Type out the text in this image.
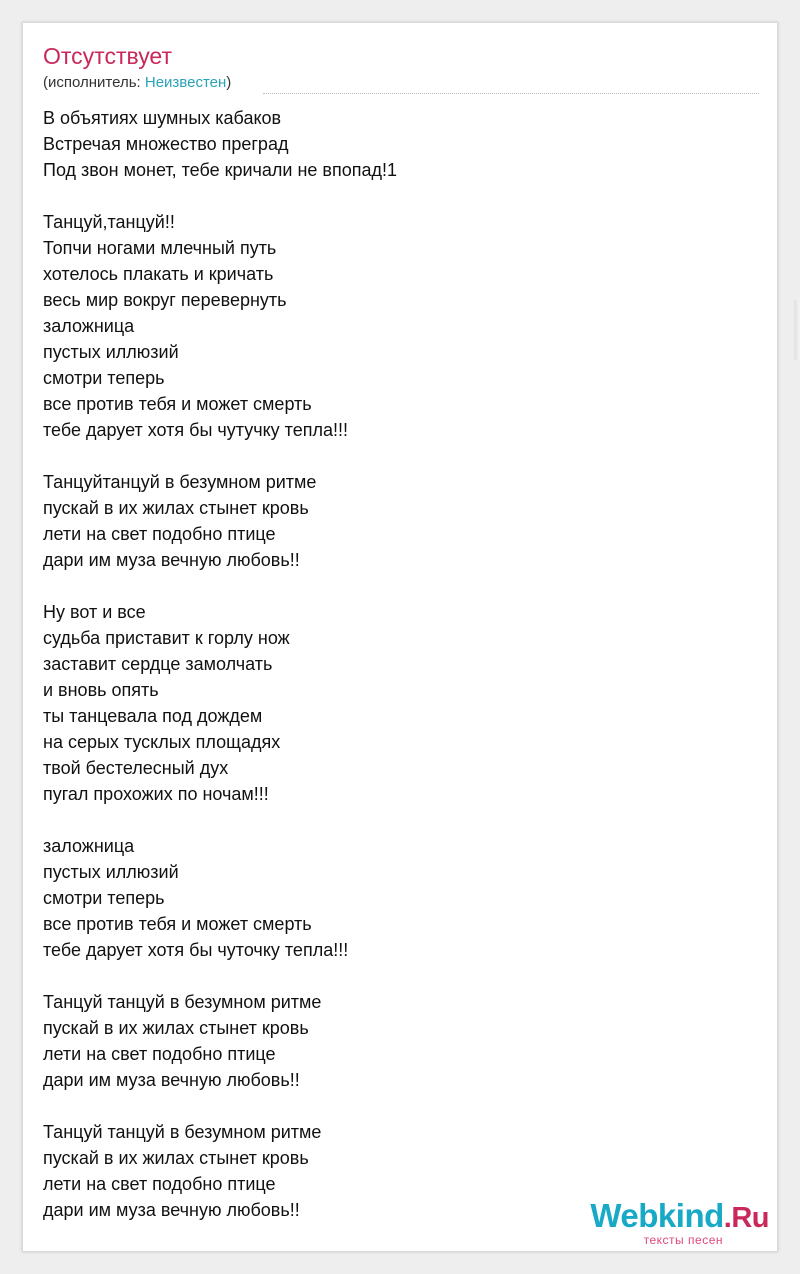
Отсутствует
(исполнитель: Неизвестен)
В объятиях шумных кабаков
Встречая множество преград
Под звон монет, тебе кричали не впопад!1
Танцуй,танцуй!!
Топчи ногами млечный путь
хотелось плакать и кричать
весь мир вокруг перевернуть
заложница
пустых иллюзий
смотри теперь
все против тебя и может смерть
тебе дарует хотя бы чутучку тепла!!!
Танцуйтанцуй в безумном ритме
пускай в их жилах стынет кровь
лети на свет подобно птице
дари им муза вечную любовь!!
Ну вот и все
судьба приставит к горлу нож
заставит сердце замолчать
и вновь опять
ты танцевала под дождем
на серых тусклых площадях
твой бестелесный дух
пугал прохожих по ночам!!!
заложница
пустых иллюзий
смотри теперь
все против тебя и может смерть
тебе дарует хотя бы чуточку тепла!!!
Танцуй танцуй в безумном ритме
пускай в их жилах стынет кровь
лети на свет подобно птице
дари им муза вечную любовь!!
Танцуй танцуй в безумном ритме
пускай в их жилах стынет кровь
лети на свет подобно птице
дари им муза вечную любовь!!	Webkind.Ru
тексты песен
